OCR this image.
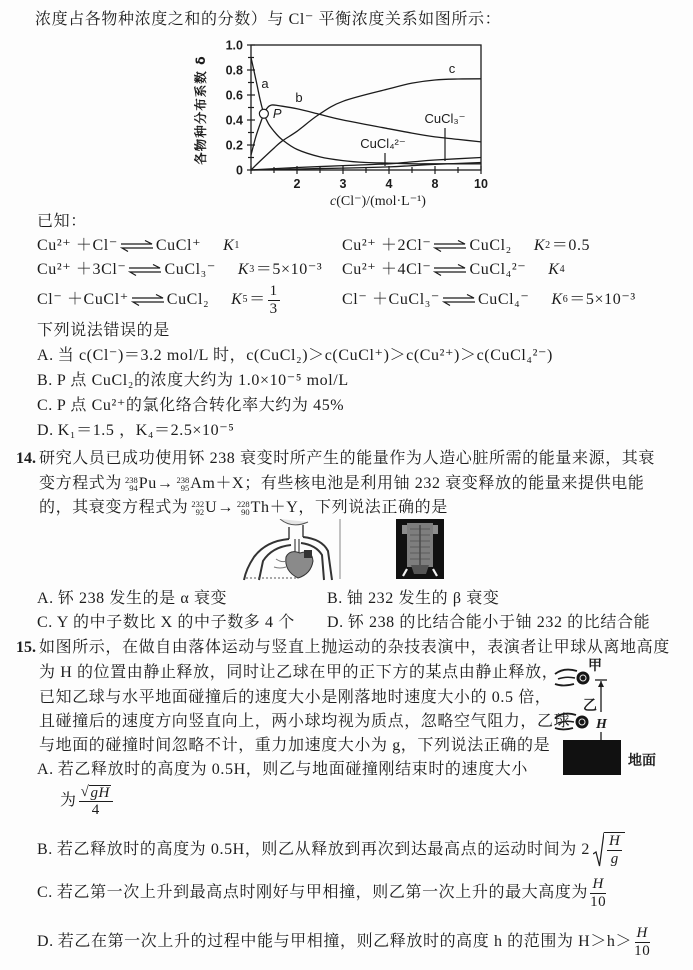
浓度占各物种浓度之和的分数）与 Cl⁻ 平衡浓度关系如图所示：
0
0.2
0.4
0.6
0.8
1.0
2	3	4	8	10
c(Cl⁻)/(mol·L⁻¹)
各物种分布系数 δ	a
b
c
CuCl₃⁻
CuCl₄²⁻
P
已知：
Cu²⁺ ＋Cl⁻ ⇌ CuCl⁺ K 1	Cu²⁺ ＋2Cl⁻ ⇌ CuCl₂ K 2 ＝0.5
Cu²⁺ ＋3Cl⁻ ⇌ CuCl₃⁻ K 3 ＝5×10⁻³ Cu²⁺ ＋4Cl⁻ ⇌ CuCl₄²⁻ K 4
Cl⁻ ＋CuCl⁺ ⇌ CuCl₂ K $5 = \frac{1}{3}$	Cl⁻ ＋CuCl₃⁻ ⇌ CuCl₄⁻ K 6 ＝5×10⁻³
下列说法错误的是
A. 当 c(Cl⁻)＝3.2 mol/L 时，c(CuCl₂)＞c(CuCl⁺)＞c(Cu²⁺)＞c(CuCl₄²⁻)
B. P 点 CuCl₂的浓度大约为 1.0×10⁻⁵ mol/L
C. P 点 Cu²⁺的氯化络合转化率大约为 45%
D. K₁＝1.5 ，K₄＝2.5×10⁻⁵
14. 研究人员已成功使用钚 238 衰变时所产生的能量作为人造心脏所需的能量来源，其衰
变方程式为 238
94 Pu → 238
95 Am ＋X；有些核电池是利用铀 232 衰变释放的能量来提供电能
的，其衰变方程式为 232
92 U → 228
90 Th ＋Y，下列说法正确的是
A. 钚 238 发生的是 α 衰变	B. 铀 232 发生的 β 衰变
C. Y 的中子数比 X 的中子数多 4 个 D. 钚 238 的比结合能小于铀 232 的比结合能
15. 如图所示，在做自由落体运动与竖直上抛运动的杂技表演中，表演者让甲球从离地高度
为 H 的位置由静止释放，同时让乙球在甲的正下方的某点由静止释放，
已知乙球与水平地面碰撞后的速度大小是刚落地时速度大小的 0.5 倍，
且碰撞后的速度方向竖直向上，两小球均视为质点，忽略空气阻力，乙球
与地面的碰撞时间忽略不计，重力加速度大小为 g，下列说法正确的是
甲
乙
H
地面
A. 若乙释放时的高度为 0.5H，则乙与地面碰撞刚结束时的速度大小
为 $\frac{√ gH}{4}$
B. 若乙释放时的高度为 0.5H，则乙从释放到再次到达最高点的运动时间为 $2 \frac{H}{g}$
C. 若乙第一次上升到最高点时刚好与甲相撞，则乙第一次上升的最大高度为 $\frac{H}{10}$
D. 若乙在第一次上升的过程中能与甲相撞，则乙释放时的高度 h 的范围为 $H>h> \frac{H}{10}$
